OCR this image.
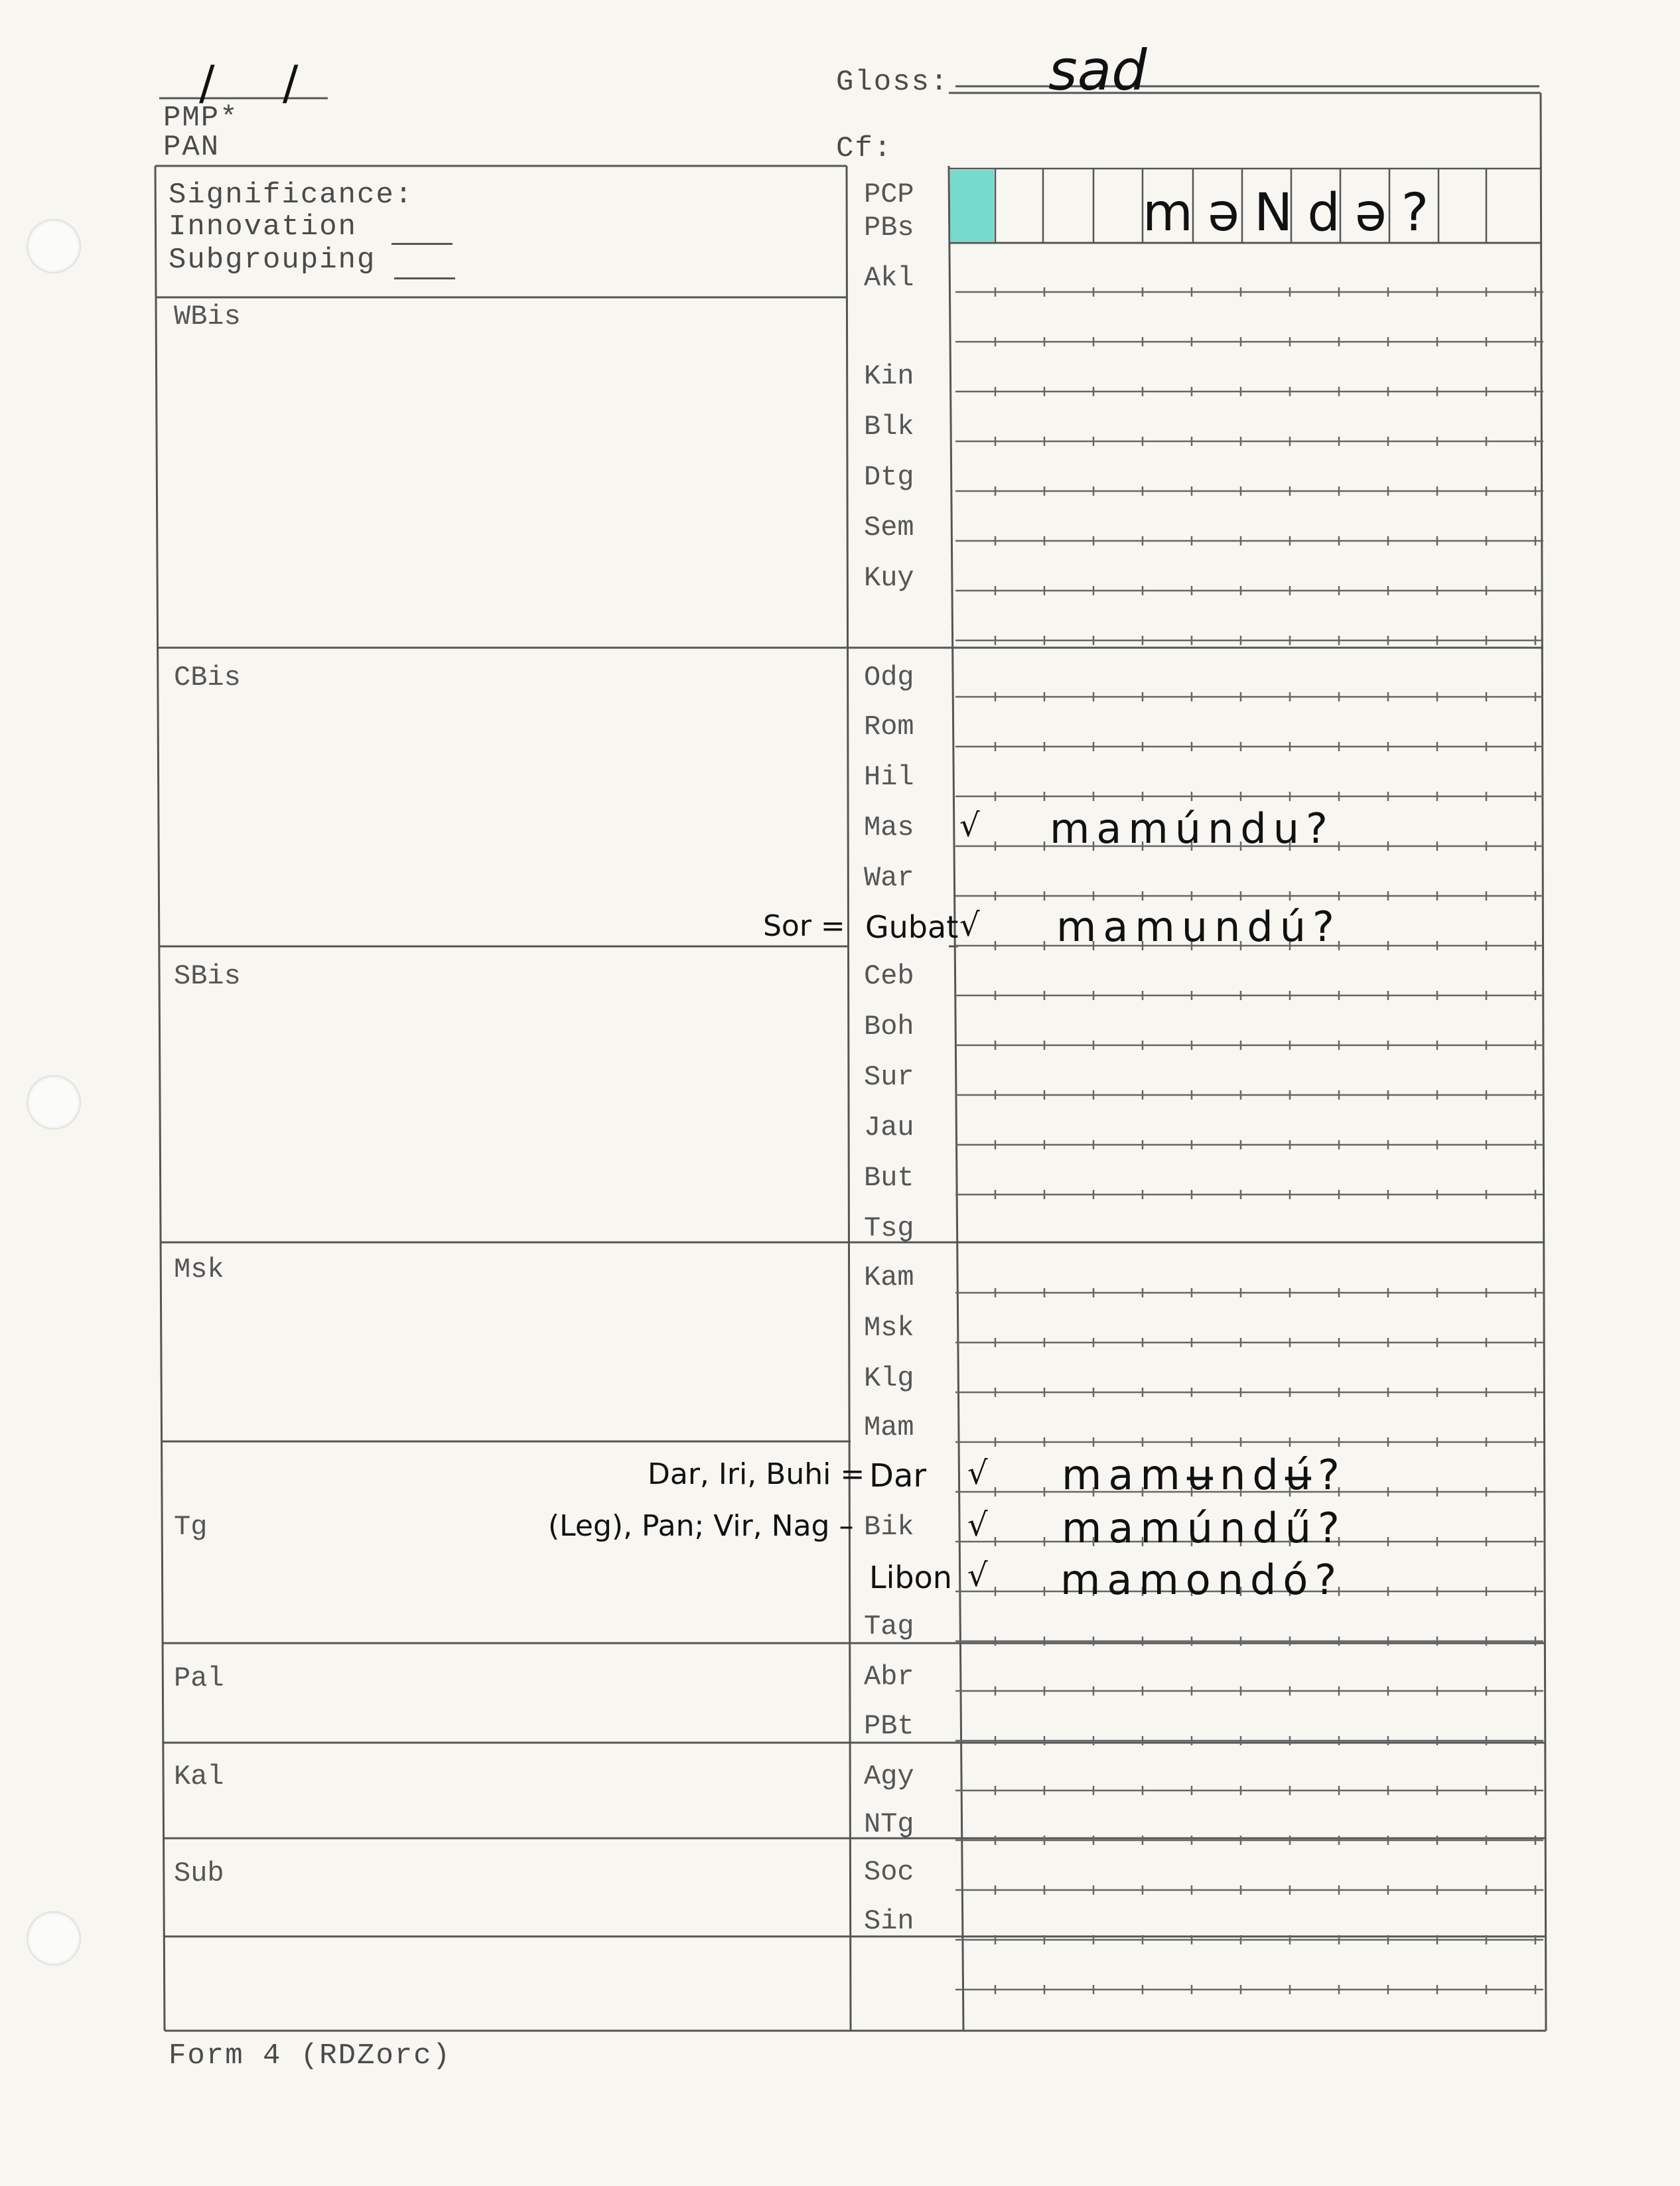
/ /
PMP*
PAN
Gloss: sad
Cf:
Significance:
Innovation
Subgrouping
WBis
CBis
SBis
Msk
Tg
Pal
Kal
Sub
PCP
PBs
Akl
Kin
Blk
Dtg
Sem
Kuy
Odg
Rom
Hil
Mas
War
Gubat
Ceb
Boh
Sur
Jau
But
Tsg
Kam
Msk
Klg
Mam
Dar
Bik
Libon
Tag
Abr
PBt
Agy
NTg
Soc
Sin
Sor =
Dar, Iri, Buhi =
(Leg), Pan; Vir, Nag –
məNdə?
√ mamúndu?
√ mamundú?
√ mamʉndʉ́?
√ mamúndű?
√ mamondó?
Form 4 (RDZorc)
